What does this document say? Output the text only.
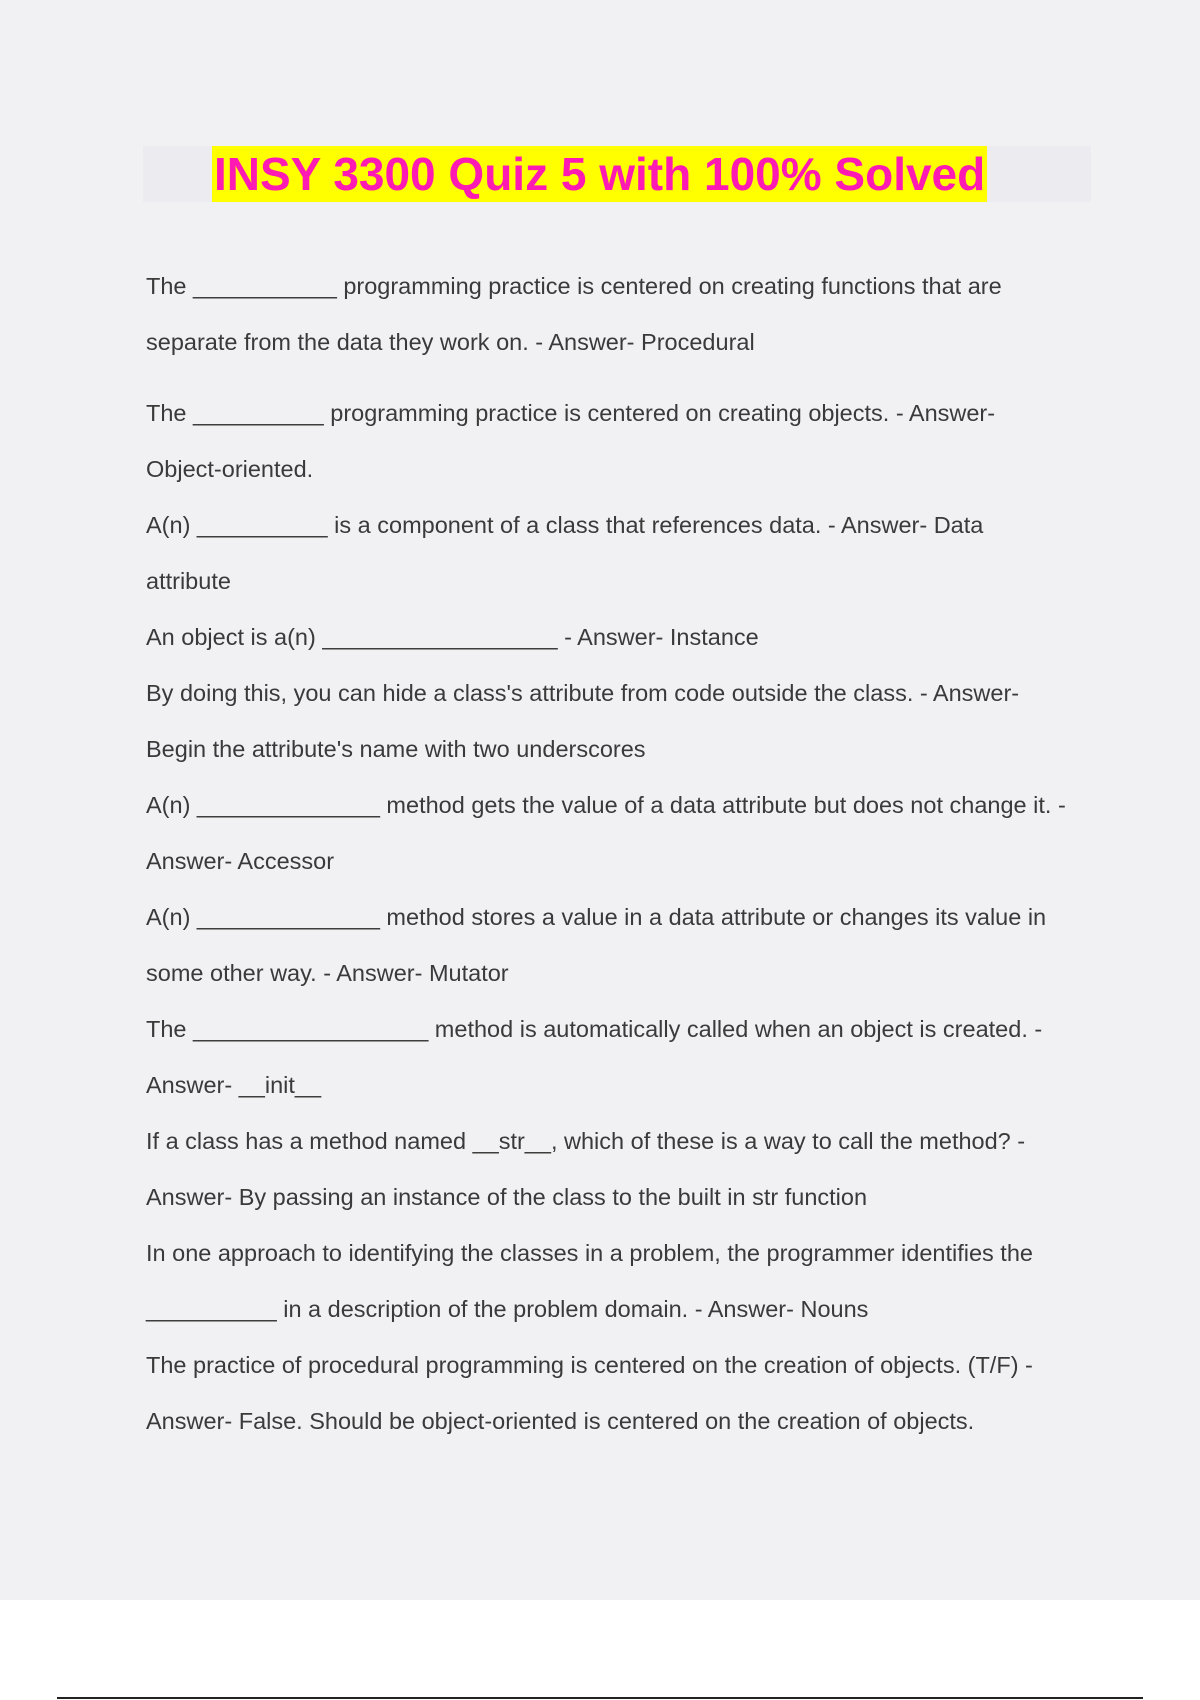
INSY 3300 Quiz 5 with 100% Solved
The ___________ programming practice is centered on creating functions that are
separate from the data they work on. - Answer- Procedural
The __________ programming practice is centered on creating objects. - Answer-
Object-oriented.
A(n) __________ is a component of a class that references data. - Answer- Data
attribute
An object is a(n) __________________ - Answer- Instance
By doing this, you can hide a class's attribute from code outside the class. - Answer-
Begin the attribute's name with two underscores
A(n) ______________ method gets the value of a data attribute but does not change it. -
Answer- Accessor
A(n) ______________ method stores a value in a data attribute or changes its value in
some other way. - Answer- Mutator
The __________________ method is automatically called when an object is created. -
Answer- __init__
If a class has a method named __str__, which of these is a way to call the method? -
Answer- By passing an instance of the class to the built in str function
In one approach to identifying the classes in a problem, the programmer identifies the
__________ in a description of the problem domain. - Answer- Nouns
The practice of procedural programming is centered on the creation of objects. (T/F) -
Answer- False. Should be object-oriented is centered on the creation of objects.
